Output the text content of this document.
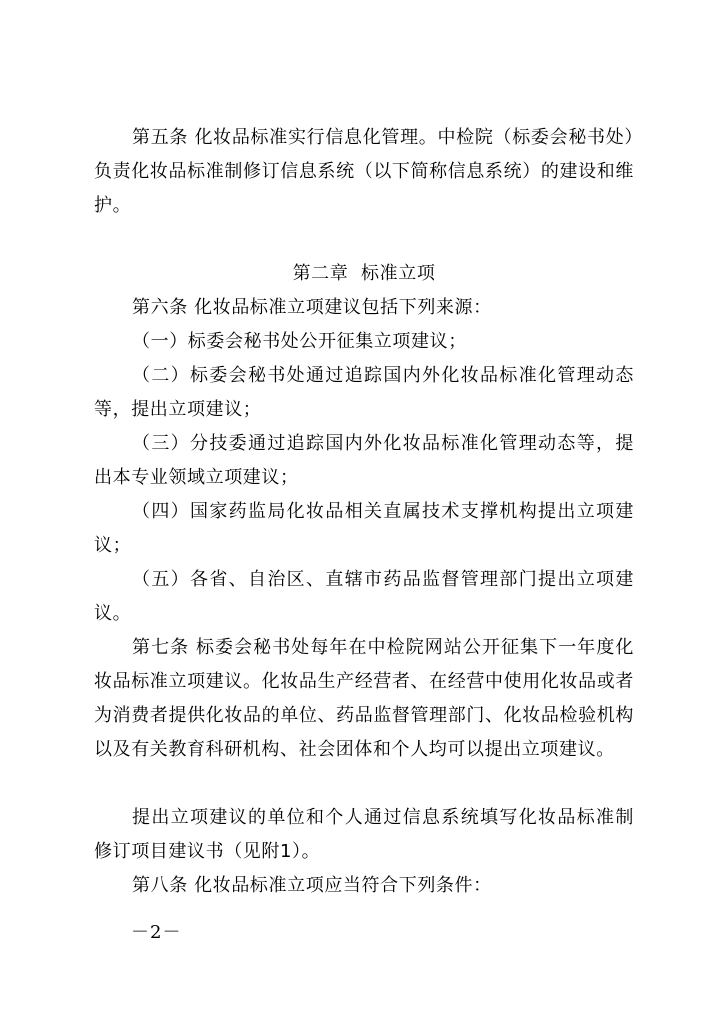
第五条 化妆品标准实行信息化管理。中检院（标委会秘书处）负责化妆品标准制修订信息系统（以下简称信息系统）的建设和维护。

第二章  标准立项

第六条 化妆品标准立项建议包括下列来源：

（一）标委会秘书处公开征集立项建议；

（二）标委会秘书处通过追踪国内外化妆品标准化管理动态等，提出立项建议；

（三）分技委通过追踪国内外化妆品标准化管理动态等，提出本专业领域立项建议；

（四）国家药监局化妆品相关直属技术支撑机构提出立项建议；

（五）各省、自治区、直辖市药品监督管理部门提出立项建议。

第七条 标委会秘书处每年在中检院网站公开征集下一年度化妆品标准立项建议。化妆品生产经营者、在经营中使用化妆品或者为消费者提供化妆品的单位、药品监督管理部门、化妆品检验机构以及有关教育科研机构、社会团体和个人均可以提出立项建议。

提出立项建议的单位和个人通过信息系统填写化妆品标准制修订项目建议书（见附1）。

第八条 化妆品标准立项应当符合下列条件：

－2－
